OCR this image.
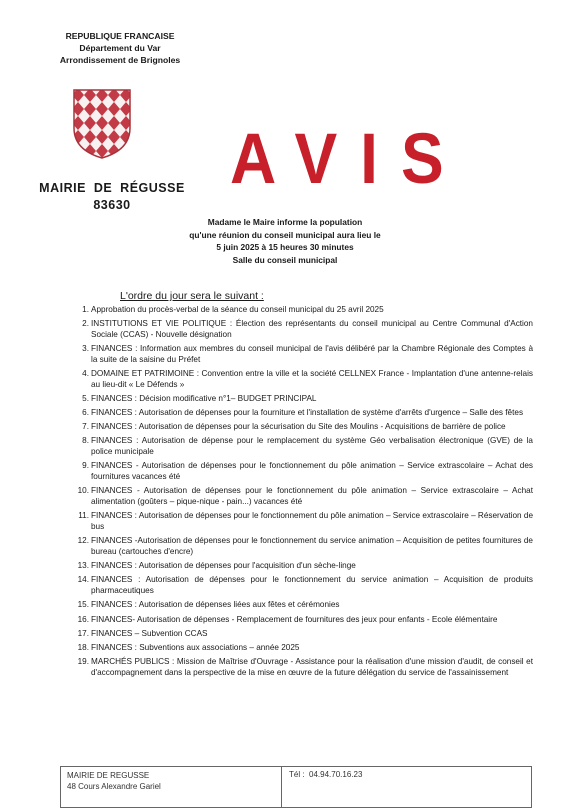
REPUBLIQUE FRANCAISE
Département du Var
Arrondissement de Brignoles
MAIRIE  DE  RÉGUSSE
83630
AVIS
Madame le Maire informe la population
qu'une réunion du conseil municipal aura lieu le
5 juin 2025 à 15 heures 30 minutes
Salle du conseil municipal
L'ordre du jour sera le suivant :
1. Approbation du procès-verbal de la séance du conseil municipal du 25 avril 2025
2. INSTITUTIONS ET VIE POLITIQUE : Élection des représentants du conseil municipal au Centre Communal d'Action Sociale (CCAS) - Nouvelle désignation
3. FINANCES : Information aux membres du conseil municipal de l'avis délibéré par la Chambre Régionale des Comptes à la suite de la saisine du Préfet
4. DOMAINE ET PATRIMOINE : Convention entre la ville et la société CELLNEX France - Implantation d'une antenne-relais au lieu-dit « Le Défends »
5. FINANCES : Décision modificative n°1– BUDGET PRINCIPAL
6. FINANCES : Autorisation de dépenses pour la fourniture et l'installation de système d'arrêts d'urgence – Salle des fêtes
7. FINANCES : Autorisation de dépenses pour la sécurisation du Site des Moulins - Acquisitions de barrière de police
8. FINANCES : Autorisation de dépense pour le remplacement du système Géo verbalisation électronique (GVE) de la police municipale
9. FINANCES - Autorisation de dépenses pour le fonctionnement du pôle animation – Service extrascolaire – Achat des fournitures vacances été
10. FINANCES - Autorisation de dépenses pour le fonctionnement du pôle animation – Service extrascolaire – Achat alimentation (goûters – pique-nique - pain...) vacances été
11. FINANCES : Autorisation de dépenses pour le fonctionnement du pôle animation – Service extrascolaire – Réservation de bus
12. FINANCES -Autorisation de dépenses pour le fonctionnement du service animation – Acquisition de petites fournitures de bureau (cartouches d'encre)
13. FINANCES : Autorisation de dépenses pour l'acquisition d'un sèche-linge
14. FINANCES : Autorisation de dépenses pour le fonctionnement du service animation – Acquisition de produits pharmaceutiques
15. FINANCES : Autorisation de dépenses liées aux fêtes et cérémonies
16. FINANCES- Autorisation de dépenses - Remplacement de fournitures des jeux pour enfants - Ecole élémentaire
17. FINANCES – Subvention CCAS
18. FINANCES : Subventions aux associations – année 2025
19. MARCHÉS PUBLICS : Mission de Maîtrise d'Ouvrage - Assistance pour la réalisation d'une mission d'audit, de conseil et d'accompagnement dans la perspective de la mise en œuvre de la future délégation du service de l'assainissement
MAIRIE DE REGUSSE
48 Cours Alexandre Gariel
Tél :  04.94.70.16.23
